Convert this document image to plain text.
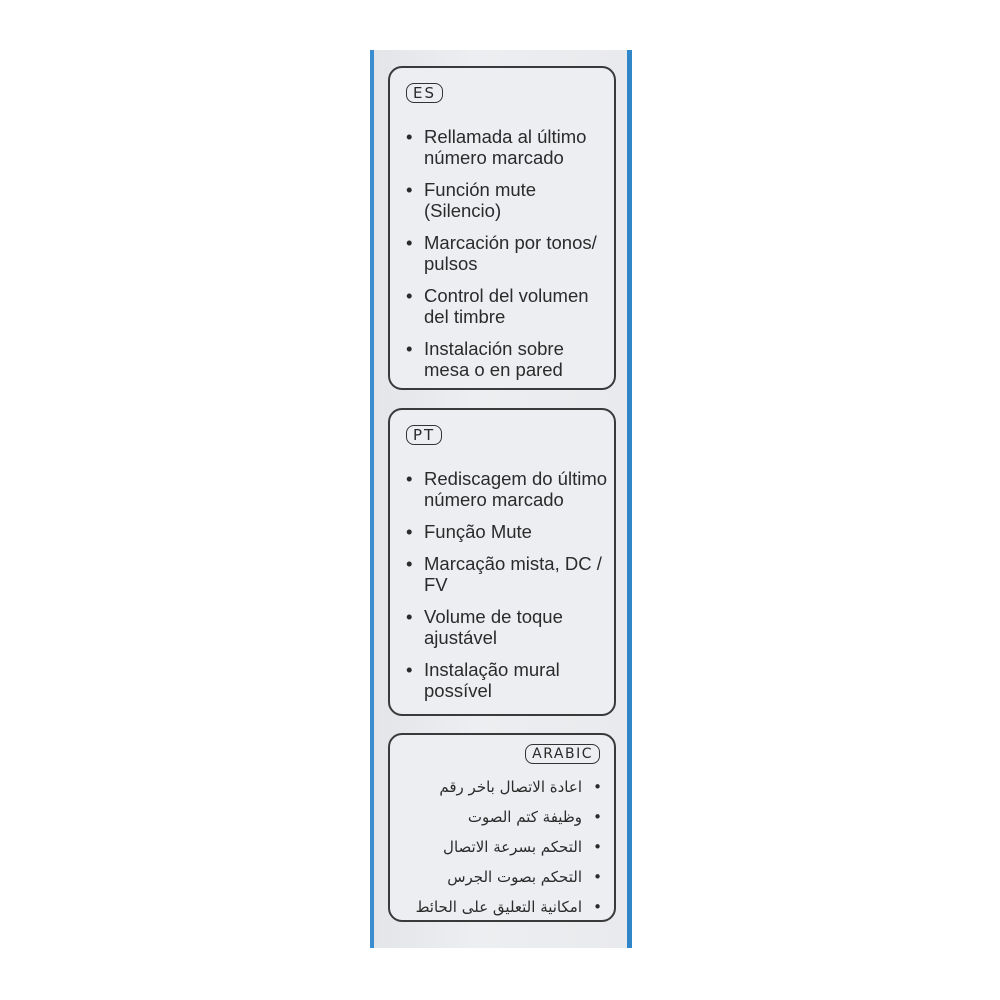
ES
• Rellamada al último número marcado
• Función mute (Silencio)
• Marcación por tonos/ pulsos
• Control del volumen del timbre
• Instalación sobre mesa o en pared
PT
• Rediscagem do último número marcado
• Função Mute
• Marcação mista, DC / FV
• Volume de toque ajustável
• Instalação mural possível
ARABIC
•
اعادة الاتصال باخر رقم
•
وظيفة كتم الصوت
•
التحكم بسرعة الاتصال
•
التحكم بصوت الجرس
•
امكانية التعليق على الحائط
